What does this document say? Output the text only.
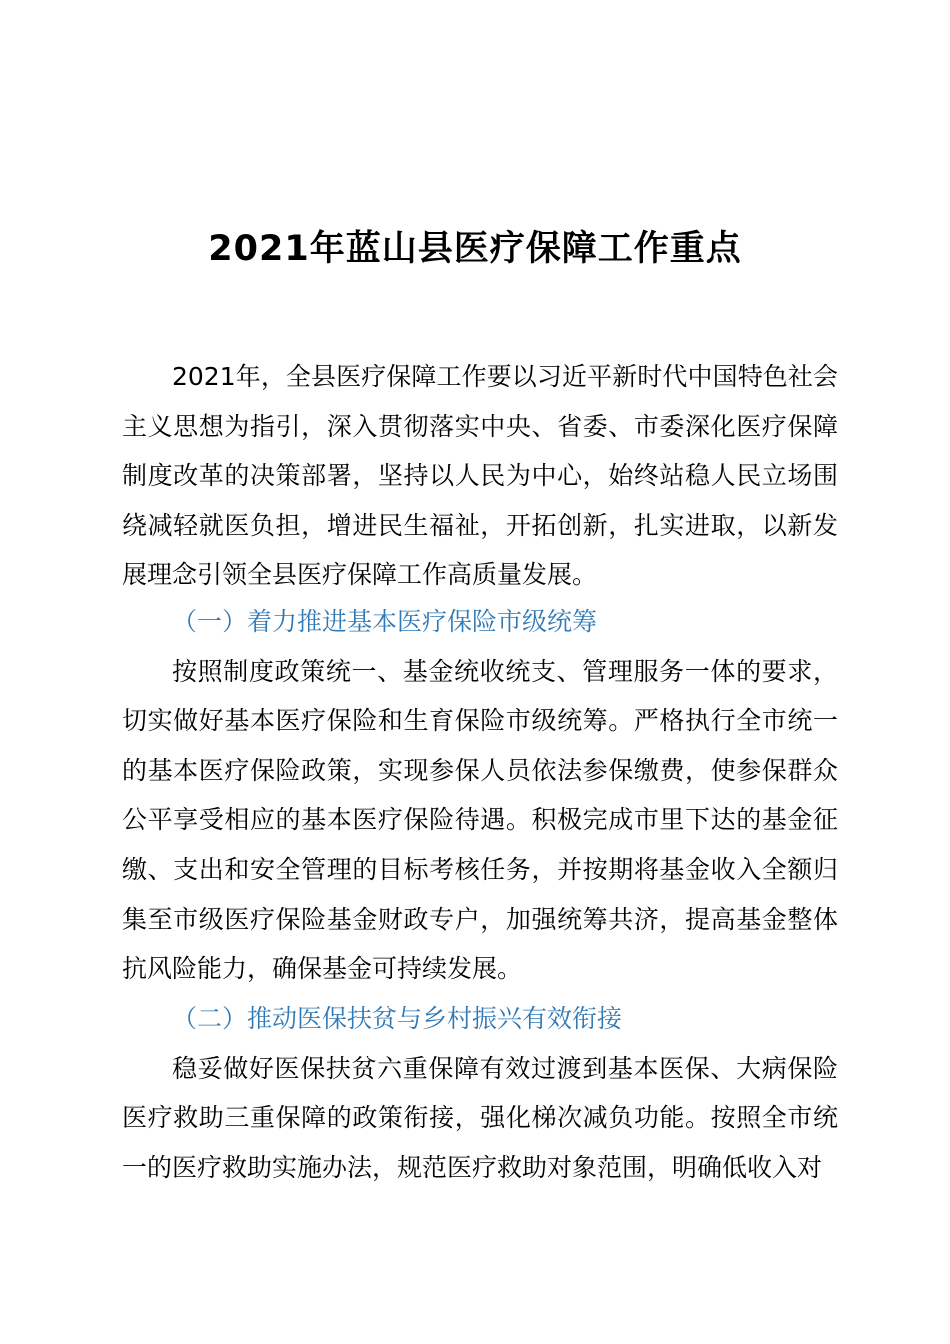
2021年蓝山县医疗保障工作重点

2021年，全县医疗保障工作要以习近平新时代中国特色社会主义思想为指引，深入贯彻落实中央、省委、市委深化医疗保障制度改革的决策部署，坚持以人民为中心，始终站稳人民立场围绕减轻就医负担，增进民生福祉，开拓创新，扎实进取，以新发展理念引领全县医疗保障工作高质量发展。

（一）着力推进基本医疗保险市级统筹

按照制度政策统一、基金统收统支、管理服务一体的要求，切实做好基本医疗保险和生育保险市级统筹。严格执行全市统一的基本医疗保险政策，实现参保人员依法参保缴费，使参保群众公平享受相应的基本医疗保险待遇。积极完成市里下达的基金征缴、支出和安全管理的目标考核任务，并按期将基金收入全额归集至市级医疗保险基金财政专户，加强统筹共济，提高基金整体抗风险能力，确保基金可持续发展。

（二）推动医保扶贫与乡村振兴有效衔接

稳妥做好医保扶贫六重保障有效过渡到基本医保、大病保险医疗救助三重保障的政策衔接，强化梯次减负功能。按照全市统一的医疗救助实施办法，规范医疗救助对象范围，明确低收入对
